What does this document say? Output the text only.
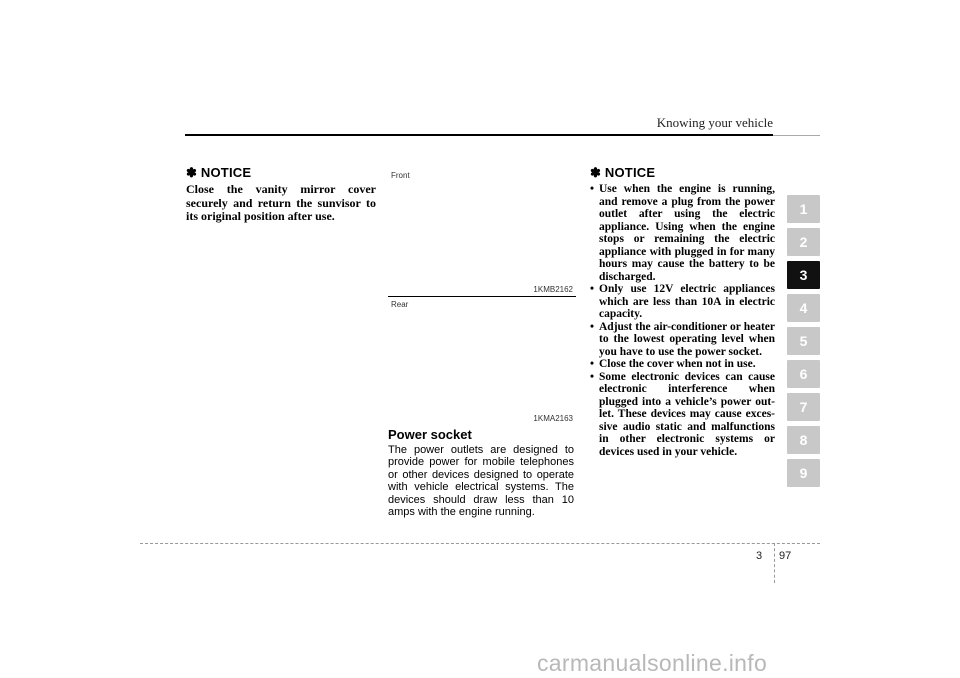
Knowing your vehicle
✽ NOTICE
Close the vanity mirror cover securely and return the sunvisor to its original position after use.
Front
1KMB2162
Rear
1KMA2163
Power socket
The power outlets are designed to provide power for mobile telephones or other devices designed to operate with vehicle electrical systems. The devices should draw less than 10 amps with the engine running.
✽ NOTICE
• Use when the engine is running, and remove a plug from the power outlet after using the electric appliance. Using when the engine stops or remaining the electric appliance with plugged in for many hours may cause the battery to be discharged.
• Only use 12V electric appliances which are less than 10A in electric capacity.
• Adjust the air-conditioner or heater to the lowest operating level when you have to use the power socket.
• Close the cover when not in use.
• Some electronic devices can cause electronic interference when plugged into a vehicle’s power out-let. These devices may cause exces-sive audio static and malfunctions in other electronic systems or devices used in your vehicle.
1
2
3
4
5
6
7
8
9
3 97
carmanualsonline.info
